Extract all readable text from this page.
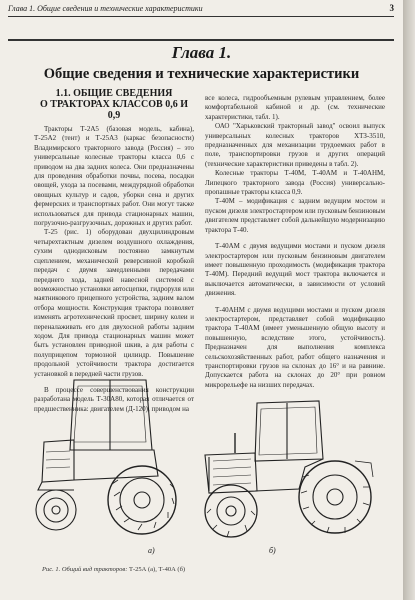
Глава 1. Общие сведения и технические характеристики	3
Глава 1.
Общие сведения и технические характеристики
1.1. ОБЩИЕ СВЕДЕНИЯ
О ТРАКТОРАХ КЛАССОВ 0,6 И 0,9

Тракторы Т-2А5 (базовая модель, кабина), Т-25А2 (тент) и Т-25А3 (каркас безопасности) Владимирского тракторного завода (Россия) – это универсальные колесные тракторы класса 0,6 с приводом на два задних колеса. Они предназначены для проведения обработки почвы, посева, посадки овощей, ухода за посевами, междурядной обработки овощных культур и садов, уборки сена и других фермерских и транспортных работ. Они могут также использоваться для привода стационарных машин, погрузочно-разгрузочных, дорожных и других работ.

Т-25 (рис. 1) оборудован двухцилиндровым четырехтактным дизелем воздушного охлаждения, сухим однодисковым постоянно замкнутым сцеплением, механической реверсивной коробкой передач с двумя замедленными передачами переднего хода, задней навесной системой с возможностью установки автосцепки, гидроруля или маятникового прицепного устройства, задним валом отбора мощности. Конструкция трактора позволяет изменять агротехнический просвет, ширину колеи и переналаживать его для двухосной работы задним ходом. Для привода стационарных машин может быть установлен приводной шкив, а для работы с полуприцепом тормозной цилиндр. Повышение продольной устойчивости трактора достигается установкой в передней части грузов.

В процессе совершенствования конструкции разработана модель Т-30А80, которая отличается от предшественника: двигателем (Д-120), приводом на

все колеса, гидрообъемным рулевым управлением, более комфортабельной кабиной и др. (см. технические характеристики, табл. 1).

ОАО "Харьковский тракторный завод" освоил выпуск универсальных колесных тракторов ХТЗ-3510, предназначенных для механизации трудоемких работ в поле, транспортировки грузов и других операций (технические характеристики приведены в табл. 2).

Колесные тракторы Т-40М, Т-40АМ и Т-40АНМ, Липецкого тракторного завода (Россия) универсально-пропашные тракторы класса 0,9.

Т-40М – модификация с задним ведущим мостом и пуском дизеля электростартером или пусковым бензиновым двигателем представляет собой дальнейшую модернизацию трактора Т-40.

Т-40АМ с двумя ведущими мостами и пуском дизеля электростартером или пусковым бензиновым двигателем имеет повышенную проходимость (модификация трактора Т-40М). Передний ведущий мост трактора включается и выключается автоматически, в зависимости от условий движения.

Т-40АНМ с двумя ведущими мостами и пуском дизеля электростартером, представляет собой модификацию трактора Т-40АМ (имеет уменьшенную общую высоту и повышенную, вследствие этого, устойчивость). Предназначен для выполнения комплекса сельскохозяйственных работ, работ общего назначения и транспортировки грузов на склонах до 16° и на равнине. Допускается работа на склонах до 20° при ровном микрорельефе на низших передачах.

а)	б)
Рис. 1. Общий вид тракторов: Т-25А (а), Т-40А (б)
